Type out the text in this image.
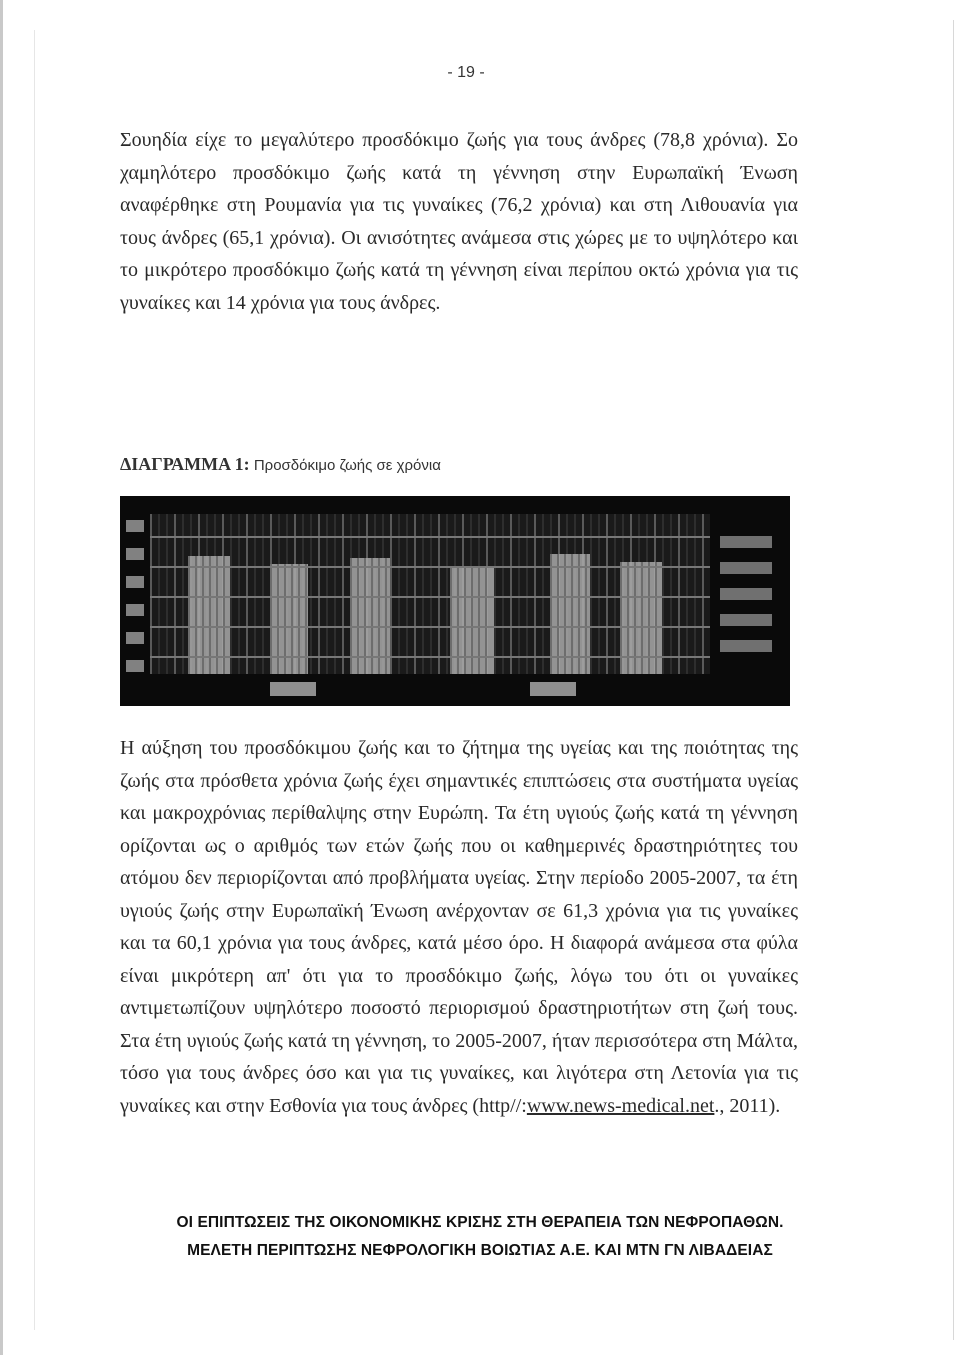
- 19 -

Σουηδία είχε το μεγαλύτερο προσδόκιμο ζωής για τους άνδρες (78,8 χρόνια). Σο χαμηλότερο προσδόκιμο ζωής κατά τη γέννηση στην Ευρωπαϊκή Ένωση αναφέρθηκε στη Ρουμανία για τις γυναίκες (76,2 χρόνια) και στη Λιθουανία για τους άνδρες (65,1 χρόνια). Οι ανισότητες ανάμεσα στις χώρες με το υψηλότερο και το μικρότερο προσδόκιμο ζωής κατά τη γέννηση είναι περίπου οκτώ χρόνια για τις γυναίκες και 14 χρόνια για τους άνδρες.

ΔΙΑΓΡΑΜΜΑ 1: Προσδόκιμο ζωής σε χρόνια

Η αύξηση του προσδόκιμου ζωής και το ζήτημα της υγείας και της ποιότητας της ζωής στα πρόσθετα χρόνια ζωής έχει σημαντικές επιπτώσεις στα συστήματα υγείας και μακροχρόνιας περίθαλψης στην Ευρώπη. Τα έτη υγιούς ζωής κατά τη γέννηση ορίζονται ως ο αριθμός των ετών ζωής που οι καθημερινές δραστηριότητες του ατόμου δεν περιορίζονται από προβλήματα υγείας. Στην περίοδο 2005-2007, τα έτη υγιούς ζωής στην Ευρωπαϊκή Ένωση ανέρχονταν σε 61,3 χρόνια για τις γυναίκες και τα 60,1 χρόνια για τους άνδρες, κατά μέσο όρο. Η διαφορά ανάμεσα στα φύλα είναι μικρότερη απ' ότι για το προσδόκιμο ζωής, λόγω του ότι οι γυναίκες αντιμετωπίζουν υψηλότερο ποσοστό περιορισμού δραστηριοτήτων στη ζωή τους. Στα έτη υγιούς ζωής κατά τη γέννηση, το 2005-2007, ήταν περισσότερα στη Μάλτα, τόσο για τους άνδρες όσο και για τις γυναίκες, και λιγότερα στη Λετονία για τις γυναίκες και στην Εσθονία για τους άνδρες (http//:www.news-medical.net., 2011).

ΟΙ ΕΠΙΠΤΩΣΕΙΣ ΤΗΣ ΟΙΚΟΝΟΜΙΚΗΣ ΚΡΙΣΗΣ ΣΤΗ ΘΕΡΑΠΕΙΑ ΤΩΝ ΝΕΦΡΟΠΑΘΩΝ.
ΜΕΛΕΤΗ ΠΕΡΙΠΤΩΣΗΣ ΝΕΦΡΟΛΟΓΙΚΗ ΒΟΙΩΤΙΑΣ Α.Ε. ΚΑΙ ΜΤΝ ΓΝ ΛΙΒΑΔΕΙΑΣ
